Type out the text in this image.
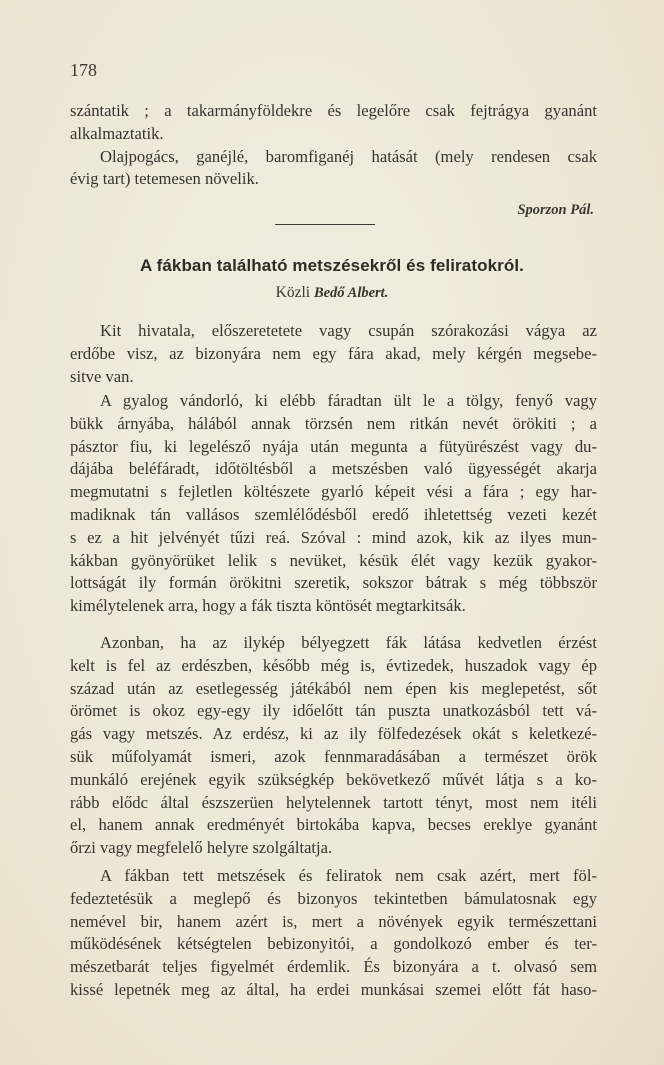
178
szántatik ; a takarmányföldekre és legelőre csak fejtrágya gyanánt
alkalmaztatik.
Olajpogács, ganéjlé, baromfiganéj hatását (mely rendesen csak
évig tart) tetemesen növelik.
Sporzon Pál.
A fákban található metszésekről és feliratokról.
Közli Bedő Albert.
Kit hivatala, előszeretetete vagy csupán szórakozási vágya az
erdőbe visz, az bizonyára nem egy fára akad, mely kérgén megsebe-
sitve van.
A gyalog vándorló, ki elébb fáradtan ült le a tölgy, fenyő vagy
bükk árnyába, hálából annak törzsén nem ritkán nevét örökiti ; a
pásztor fiu, ki legelésző nyája után megunta a fütyürészést vagy du-
dájába beléfáradt, időtöltésből a metszésben való ügyességét akarja
megmutatni s fejletlen költészete gyarló képeit vési a fára ; egy har-
madiknak tán vallásos szemlélődésből eredő ihletettség vezeti kezét
s ez a hit jelvényét tűzi reá. Szóval : mind azok, kik az ilyes mun-
kákban gyönyörüket lelik s nevüket, késük élét vagy kezük gyakor-
lottságát ily formán örökitni szeretik, sokszor bátrak s még többször
kimélytelenek arra, hogy a fák tiszta köntösét megtarkitsák.
Azonban, ha az ilykép bélyegzett fák látása kedvetlen érzést
kelt is fel az erdészben, később még is, évtizedek, huszadok vagy ép
század után az esetlegesség játékából nem épen kis meglepetést, sőt
örömet is okoz egy-egy ily időelőtt tán puszta unatkozásból tett vá-
gás vagy metszés. Az erdész, ki az ily fölfedezések okát s keletkezé-
sük műfolyamát ismeri, azok fennmaradásában a természet örök
munkáló erejének egyik szükségkép bekövetkező művét látja s a ko-
rább elődc által észszerüen helytelennek tartott tényt, most nem itéli
el, hanem annak eredményét birtokába kapva, becses ereklye gyanánt
őrzi vagy megfelelő helyre szolgáltatja.
A fákban tett metszések és feliratok nem csak azért, mert föl-
fedeztetésük a meglepő és bizonyos tekintetben bámulatosnak egy
nemével bir, hanem azért is, mert a növények egyik természettani
működésének kétségtelen bebizonyitói, a gondolkozó ember és ter-
mészetbarát teljes figyelmét érdemlik. És bizonyára a t. olvasó sem
kissé lepetnék meg az által, ha erdei munkásai szemei előtt fát haso-
